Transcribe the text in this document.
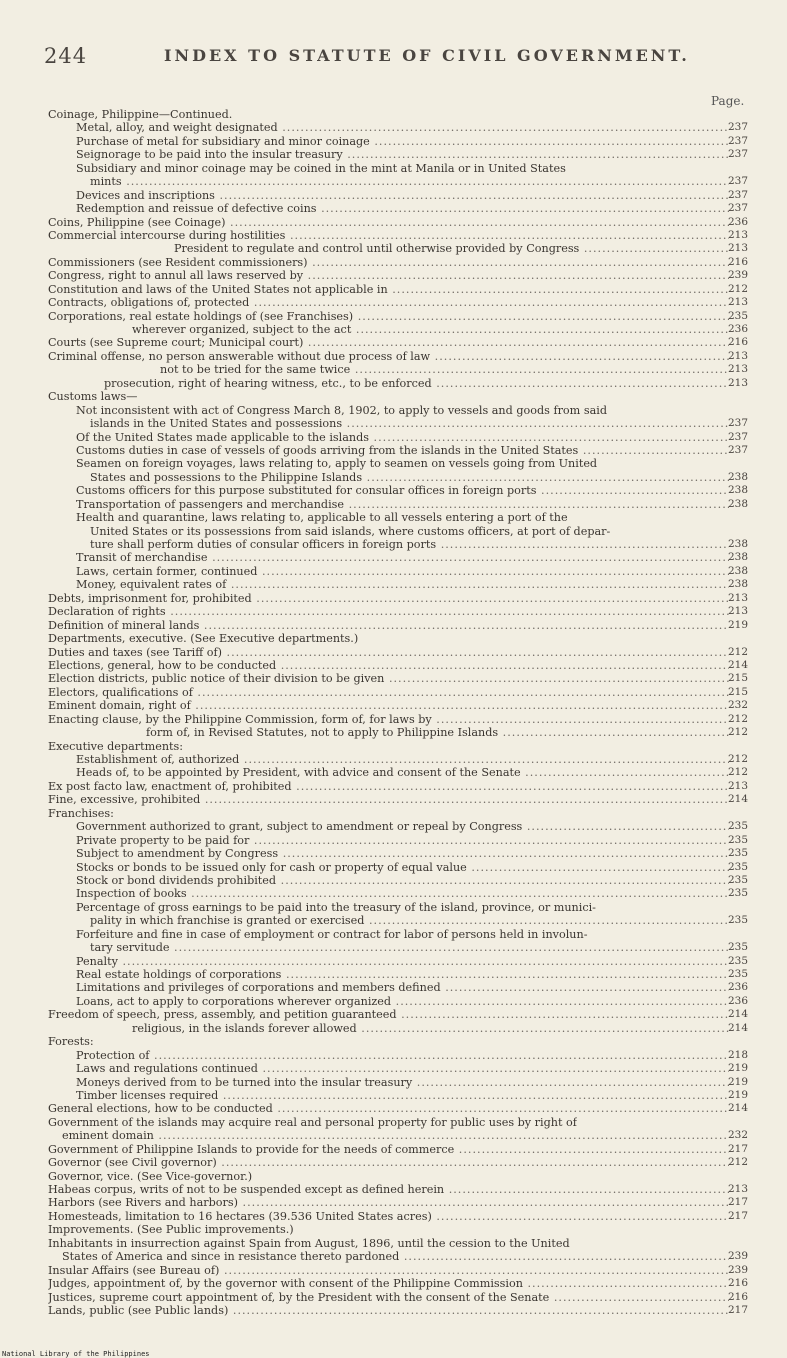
244	INDEX TO STATUTE OF CIVIL GOVERNMENT.
Page.
Coinage, Philippine—Continued.
Metal, alloy, and weight designated .....	237
Purchase of metal for subsidiary and minor coinage .....	237
Seignorage to be paid into the insular treasury .....	237
Subsidiary and minor coinage may be coined in the mint at Manila or in United States
mints .....	237
Devices and inscriptions .....	237
Redemption and reissue of defective coins .....	237
Coins, Philippine (see Coinage) .....	236
Commercial intercourse during hostilities .....	213
President to regulate and control until otherwise provided by Congress .....	213
Commissioners (see Resident commissioners) .....	216
Congress, right to annul all laws reserved by .....	239
Constitution and laws of the United States not applicable in .....	212
Contracts, obligations of, protected .....	213
Corporations, real estate holdings of (see Franchises) .....	235
wherever organized, subject to the act .....	236
Courts (see Supreme court; Municipal court) .....	216
Criminal offense, no person answerable without due process of law .....	213
not to be tried for the same twice .....	213
prosecution, right of hearing witness, etc., to be enforced .....	213
Customs laws—
Not inconsistent with act of Congress March 8, 1902, to apply to vessels and goods from said
islands in the United States and possessions .....	237
Of the United States made applicable to the islands .....	237
Customs duties in case of vessels of goods arriving from the islands in the United States .....	237
Seamen on foreign voyages, laws relating to, apply to seamen on vessels going from United
States and possessions to the Philippine Islands .....	238
Customs officers for this purpose substituted for consular offices in foreign ports .....	238
Transportation of passengers and merchandise .....	238
Health and quarantine, laws relating to, applicable to all vessels entering a port of the
United States or its possessions from said islands, where customs officers, at port of depar-
ture shall perform duties of consular officers in foreign ports .....	238
Transit of merchandise .....	238
Laws, certain former, continued .....	238
Money, equivalent rates of .....	238
Debts, imprisonment for, prohibited .....	213
Declaration of rights .....	213
Definition of mineral lands .....	219
Departments, executive. (See Executive departments.)
Duties and taxes (see Tariff of) .....	212
Elections, general, how to be conducted .....	214
Election districts, public notice of their division to be given .....	215
Electors, qualifications of .....	215
Eminent domain, right of .....	232
Enacting clause, by the Philippine Commission, form of, for laws by .....	212
form of, in Revised Statutes, not to apply to Philippine Islands .....	212
Executive departments:
Establishment of, authorized .....	212
Heads of, to be appointed by President, with advice and consent of the Senate .....	212
Ex post facto law, enactment of, prohibited .....	213
Fine, excessive, prohibited .....	214
Franchises:
Government authorized to grant, subject to amendment or repeal by Congress .....	235
Private property to be paid for .....	235
Subject to amendment by Congress .....	235
Stocks or bonds to be issued only for cash or property of equal value .....	235
Stock or bond dividends prohibited .....	235
Inspection of books .....	235
Percentage of gross earnings to be paid into the treasury of the island, province, or munici-
pality in which franchise is granted or exercised .....	235
Forfeiture and fine in case of employment or contract for labor of persons held in involun-
tary servitude .....	235
Penalty .....	235
Real estate holdings of corporations .....	235
Limitations and privileges of corporations and members defined .....	236
Loans, act to apply to corporations wherever organized .....	236
Freedom of speech, press, assembly, and petition guaranteed .....	214
religious, in the islands forever allowed .....	214
Forests:
Protection of .....	218
Laws and regulations continued .....	219
Moneys derived from to be turned into the insular treasury .....	219
Timber licenses required .....	219
General elections, how to be conducted .....	214
Government of the islands may acquire real and personal property for public uses by right of
eminent domain .....	232
Government of Philippine Islands to provide for the needs of commerce .....	217
Governor (see Civil governor) .....	212
Governor, vice. (See Vice-governor.)
Habeas corpus, writs of not to be suspended except as defined herein .....	213
Harbors (see Rivers and harbors) .....	217
Homesteads, limitation to 16 hectares (39.536 United States acres) .....	217
Improvements. (See Public improvements.)
Inhabitants in insurrection against Spain from August, 1896, until the cession to the United
States of America and since in resistance thereto pardoned .....	239
Insular Affairs (see Bureau of) .....	239
Judges, appointment of, by the governor with consent of the Philippine Commission .....	216
Justices, supreme court appointment of, by the President with the consent of the Senate .....	216
Lands, public (see Public lands) .....	217
National Library of the Philippines
